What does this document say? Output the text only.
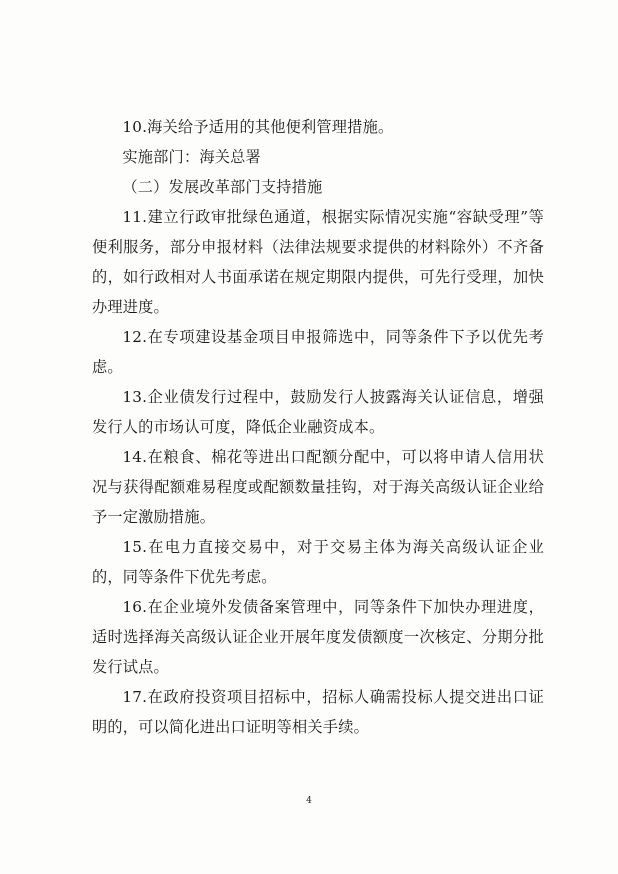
10.海关给予适用的其他便利管理措施。

实施部门：海关总署

（二）发展改革部门支持措施

11.建立行政审批绿色通道，根据实际情况实施“容缺受理”等便利服务，部分申报材料（法律法规要求提供的材料除外）不齐备的，如行政相对人书面承诺在规定期限内提供，可先行受理，加快办理进度。

12.在专项建设基金项目申报筛选中，同等条件下予以优先考虑。

13.企业债发行过程中，鼓励发行人披露海关认证信息，增强发行人的市场认可度，降低企业融资成本。

14.在粮食、棉花等进出口配额分配中，可以将申请人信用状况与获得配额难易程度或配额数量挂钩，对于海关高级认证企业给予一定激励措施。

15.在电力直接交易中，对于交易主体为海关高级认证企业的，同等条件下优先考虑。

16.在企业境外发债备案管理中，同等条件下加快办理进度，适时选择海关高级认证企业开展年度发债额度一次核定、分期分批发行试点。

17.在政府投资项目招标中，招标人确需投标人提交进出口证明的，可以简化进出口证明等相关手续。

4
